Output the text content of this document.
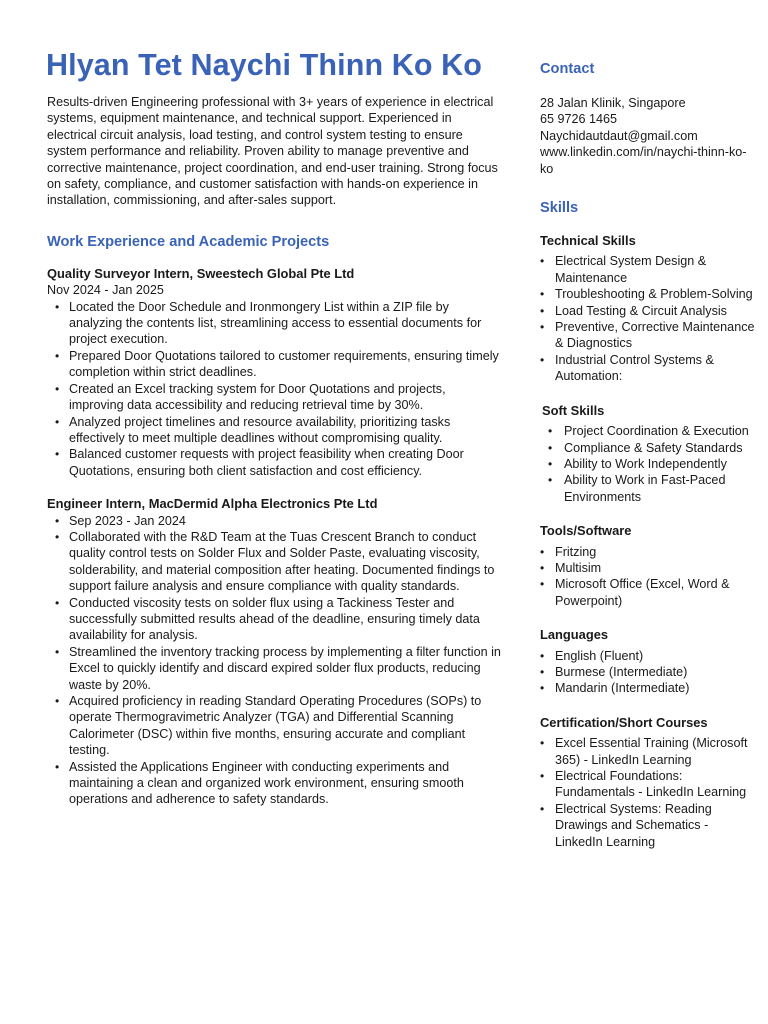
Hlyan Tet Naychi Thinn Ko Ko

Results-driven Engineering professional with 3+ years of experience in electrical systems, equipment maintenance, and technical support. Experienced in electrical circuit analysis, load testing, and control system testing to ensure system performance and reliability. Proven ability to manage preventive and corrective maintenance, project coordination, and end-user training. Strong focus on safety, compliance, and customer satisfaction with hands-on experience in installation, commissioning, and after-sales support.

Work Experience and Academic Projects
Quality Surveyor Intern, Sweestech Global Pte Ltd
Nov 2024 - Jan 2025
• Located the Door Schedule and Ironmongery List within a ZIP file by analyzing the contents list, streamlining access to essential documents for project execution.
• Prepared Door Quotations tailored to customer requirements, ensuring timely completion within strict deadlines.
• Created an Excel tracking system for Door Quotations and projects, improving data accessibility and reducing retrieval time by 30%.
• Analyzed project timelines and resource availability, prioritizing tasks effectively to meet multiple deadlines without compromising quality.
• Balanced customer requests with project feasibility when creating Door Quotations, ensuring both client satisfaction and cost efficiency.
Engineer Intern, MacDermid Alpha Electronics Pte Ltd
• Sep 2023 - Jan 2024
• Collaborated with the R&D Team at the Tuas Crescent Branch to conduct quality control tests on Solder Flux and Solder Paste, evaluating viscosity, solderability, and material composition after heating. Documented findings to support failure analysis and ensure compliance with quality standards.
• Conducted viscosity tests on solder flux using a Tackiness Tester and successfully submitted results ahead of the deadline, ensuring timely data availability for analysis.
• Streamlined the inventory tracking process by implementing a filter function in Excel to quickly identify and discard expired solder flux products, reducing waste by 20%.
• Acquired proficiency in reading Standard Operating Procedures (SOPs) to operate Thermogravimetric Analyzer (TGA) and Differential Scanning Calorimeter (DSC) within five months, ensuring accurate and compliant testing.
• Assisted the Applications Engineer with conducting experiments and maintaining a clean and organized work environment, ensuring smooth operations and adherence to safety standards.
Contact
28 Jalan Klinik, Singapore
65 9726 1465
Naychidautdaut@gmail.com
www.linkedin.com/in/naychi-thinn-ko-ko
Skills
Technical Skills
• Electrical System Design & Maintenance
• Troubleshooting & Problem-Solving
• Load Testing & Circuit Analysis
• Preventive, Corrective Maintenance & Diagnostics
• Industrial Control Systems & Automation:
Soft Skills
• Project Coordination & Execution
• Compliance & Safety Standards
• Ability to Work Independently
• Ability to Work in Fast-Paced Environments
Tools/Software
• Fritzing
• Multisim
• Microsoft Office (Excel, Word & Powerpoint)
Languages
• English (Fluent)
• Burmese (Intermediate)
• Mandarin (Intermediate)
Certification/Short Courses
• Excel Essential Training (Microsoft 365) - LinkedIn Learning
• Electrical Foundations: Fundamentals - LinkedIn Learning
• Electrical Systems: Reading Drawings and Schematics - LinkedIn Learning
